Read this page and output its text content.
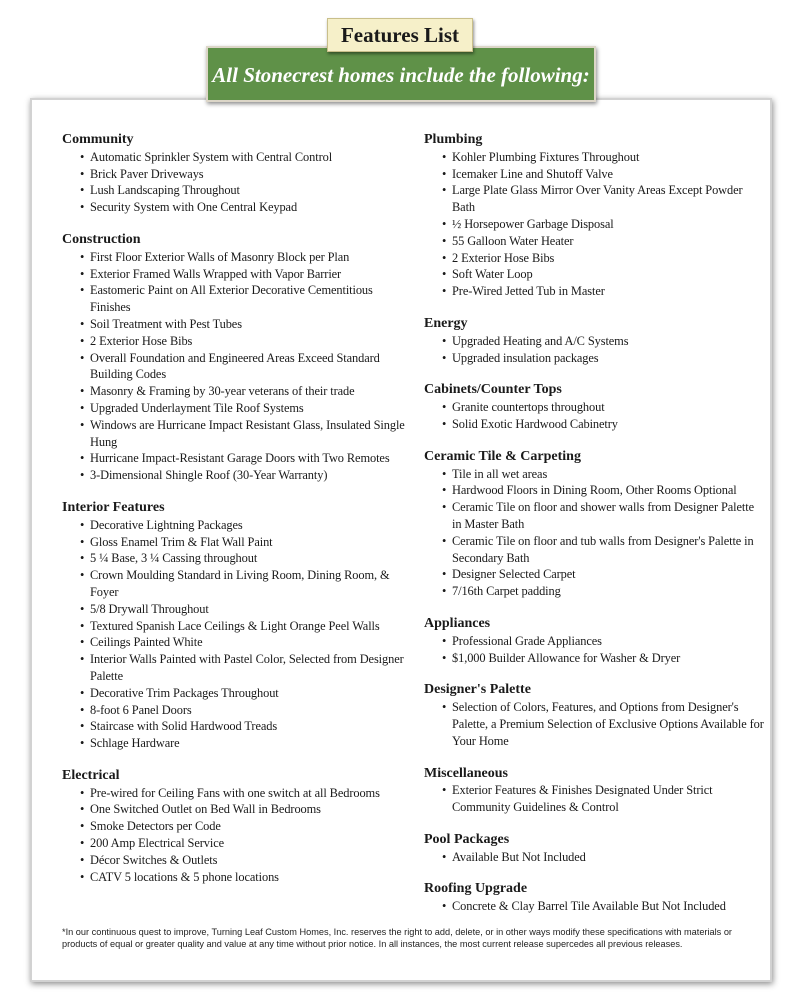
Features List
All Stonecrest homes include the following:
Community
• Automatic Sprinkler System with Central Control
• Brick Paver Driveways
• Lush Landscaping Throughout
• Security System with One Central Keypad
Construction
• First Floor Exterior Walls of Masonry Block per Plan
• Exterior Framed Walls Wrapped with Vapor Barrier
• Eastomeric Paint on All Exterior Decorative Cementitious Finishes
• Soil Treatment with Pest Tubes
• 2 Exterior Hose Bibs
• Overall Foundation and Engineered Areas Exceed Standard Building Codes
• Masonry & Framing by 30-year veterans of their trade
• Upgraded Underlayment Tile Roof Systems
• Windows are Hurricane Impact Resistant Glass, Insulated Single Hung
• Hurricane Impact-Resistant Garage Doors with Two Remotes
• 3-Dimensional Shingle Roof (30-Year Warranty)
Interior Features
• Decorative Lightning Packages
• Gloss Enamel Trim & Flat Wall Paint
• 5 ¼ Base, 3 ¼ Cassing throughout
• Crown Moulding Standard in Living Room, Dining Room, & Foyer
• 5/8 Drywall Throughout
• Textured Spanish Lace Ceilings & Light Orange Peel Walls
• Ceilings Painted White
• Interior Walls Painted with Pastel Color, Selected from Designer Palette
• Decorative Trim Packages Throughout
• 8-foot 6 Panel Doors
• Staircase with Solid Hardwood Treads
• Schlage Hardware
Electrical
• Pre-wired for Ceiling Fans with one switch at all Bedrooms
• One Switched Outlet on Bed Wall in Bedrooms
• Smoke Detectors per Code
• 200 Amp Electrical Service
• Décor Switches & Outlets
• CATV 5 locations & 5 phone locations
Plumbing
• Kohler Plumbing Fixtures Throughout
• Icemaker Line and Shutoff Valve
• Large Plate Glass Mirror Over Vanity Areas Except Powder Bath
• ½ Horsepower Garbage Disposal
• 55 Galloon Water Heater
• 2 Exterior Hose Bibs
• Soft Water Loop
• Pre-Wired Jetted Tub in Master
Energy
• Upgraded Heating and A/C Systems
• Upgraded insulation packages
Cabinets/Counter Tops
• Granite countertops throughout
• Solid Exotic Hardwood Cabinetry
Ceramic Tile & Carpeting
• Tile in all wet areas
• Hardwood Floors in Dining Room, Other Rooms Optional
• Ceramic Tile on floor and shower walls from Designer Palette in Master Bath
• Ceramic Tile on floor and tub walls from Designer's Palette in Secondary Bath
• Designer Selected Carpet
• 7/16th Carpet padding
Appliances
• Professional Grade Appliances
• $1,000 Builder Allowance for Washer & Dryer
Designer's Palette
• Selection of Colors, Features, and Options from Designer's Palette, a Premium Selection of Exclusive Options Available for Your Home
Miscellaneous
• Exterior Features & Finishes Designated Under Strict Community Guidelines & Control
Pool Packages
• Available But Not Included
Roofing Upgrade
• Concrete & Clay Barrel Tile Available But Not Included
*In our continuous quest to improve, Turning Leaf Custom Homes, Inc. reserves the right to add, delete, or in other ways modify these specifications with materials or products of equal or greater quality and value at any time without prior notice. In all instances, the most current release supercedes all previous releases.
